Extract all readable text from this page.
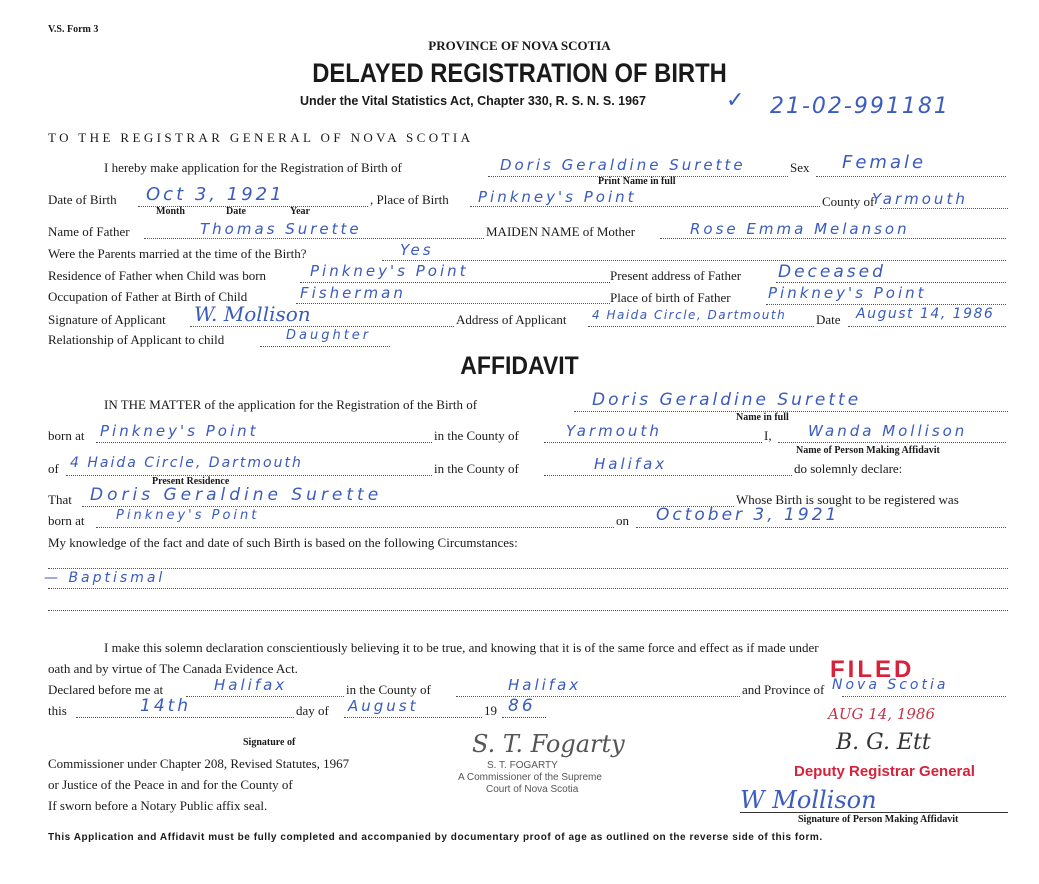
V.S. Form 3
PROVINCE OF NOVA SCOTIA
DELAYED REGISTRATION OF BIRTH
Under the Vital Statistics Act, Chapter 330, R. S. N. S. 1967	✓ 21-02-991181
TO THE REGISTRAR GENERAL OF NOVA SCOTIA
I hereby make application for the Registration of Birth of	Doris Geraldine Surette	Sex Female
Print Name in full
Date of Birth Oct 3, 1921
Month	Date	Year
, Place of Birth Pinkney's Point	County of
Yarmouth
Name of Father	Thomas Surette	MAIDEN NAME of Mother	Rose Emma Melanson
Were the Parents married at the time of the Birth?	Yes
Residence of Father when Child was born	Pinkney's Point	Present address of Father Deceased
Occupation of Father at Birth of Child	Fisherman	Place of birth of Father Pinkney's Point
Signature of Applicant W. Mollison	Address of Applicant 4 Haida Circle, Dartmouth Date August 14, 1986
Relationship of Applicant to child	Daughter
AFFIDAVIT
IN THE MATTER of the application for the Registration of the Birth of	Doris Geraldine Surette
Name in full
born at Pinkney's Point	in the County of	Yarmouth	I, Wanda Mollison
Name of Person Making Affidavit
of 4 Haida Circle, Dartmouth
Present Residence
in the County of	Halifax	do solemnly declare:
That Doris Geraldine Surette	Whose Birth is sought to be registered was
born at Pinkney's Point	on October 3, 1921
My knowledge of the fact and date of such Birth is based on the following Circumstances:
— Baptismal
I make this solemn declaration conscientiously believing it to be true, and knowing that it is of the same force and effect as if made under
oath and by virtue of The Canada Evidence Act.
Declared before me at	Halifax	in the County of	Halifax	and Province of Nova Scotia
this	14th	day of August	19 86
Signature of
Commissioner under Chapter 208, Revised Statutes, 1967
or Justice of the Peace in and for the County of
If sworn before a Notary Public affix seal.
S. T. Fogarty
S. T. FOGARTY
A Commissioner of the Supreme
Court of Nova Scotia
FILED
AUG 14, 1986
B. G. Ett
Deputy Registrar General
W Mollison
Signature of Person Making Affidavit
This Application and Affidavit must be fully completed and accompanied by documentary proof of age as outlined on the reverse side of this form.
